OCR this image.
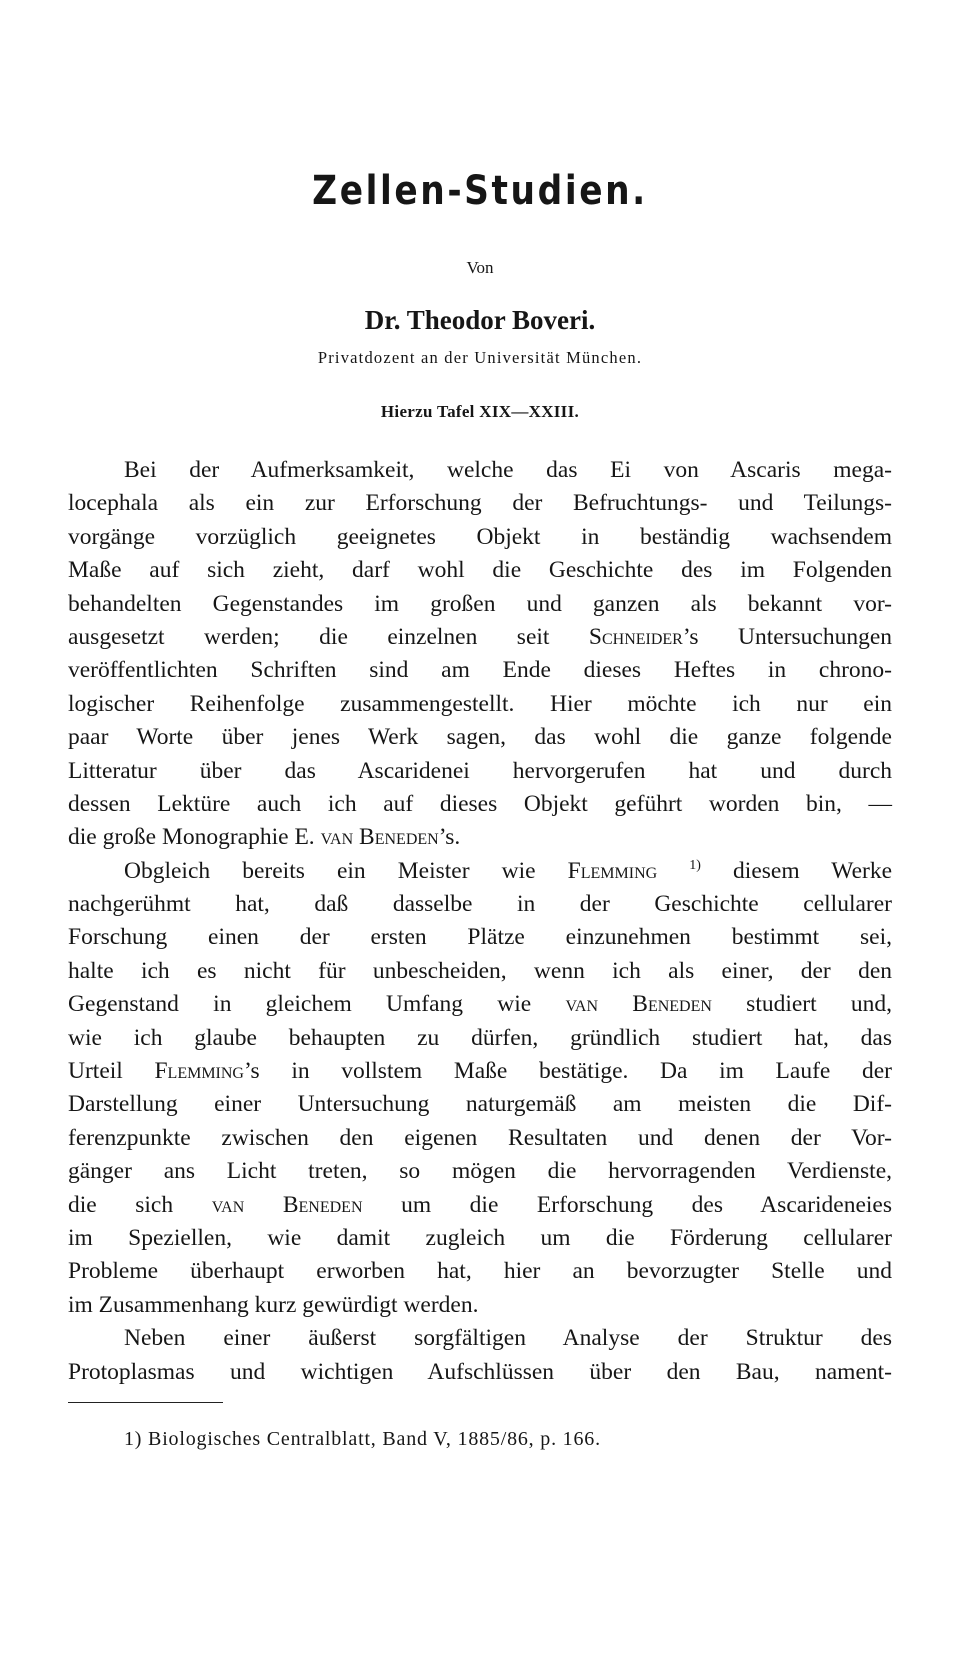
Zellen-Studien.

Von

Dr. Theodor Boveri.

Privatdozent an der Universität München.

Hierzu Tafel XIX—XXIII.

Bei der Aufmerksamkeit, welche das Ei von Ascaris mega-
locephala als ein zur Erforschung der Befruchtungs- und Teilungs-
vorgänge vorzüglich geeignetes Objekt in beständig wachsendem
Maße auf sich zieht, darf wohl die Geschichte des im Folgenden
behandelten Gegenstandes im großen und ganzen als bekannt vor-
ausgesetzt werden; die einzelnen seit Schneider’s Untersuchungen
veröffentlichten Schriften sind am Ende dieses Heftes in chrono-
logischer Reihenfolge zusammengestellt. Hier möchte ich nur ein
paar Worte über jenes Werk sagen, das wohl die ganze folgende
Litteratur über das Ascaridenei hervorgerufen hat und durch
dessen Lektüre auch ich auf dieses Objekt geführt worden bin, —
die große Monographie E. van Beneden’s.
Obgleich bereits ein Meister wie Flemming $^{1)}$ diesem Werke
nachgerühmt hat, daß dasselbe in der Geschichte cellularer
Forschung einen der ersten Plätze einzunehmen bestimmt sei,
halte ich es nicht für unbescheiden, wenn ich als einer, der den
Gegenstand in gleichem Umfang wie van Beneden studiert und,
wie ich glaube behaupten zu dürfen, gründlich studiert hat, das
Urteil Flemming’s in vollstem Maße bestätige. Da im Laufe der
Darstellung einer Untersuchung naturgemäß am meisten die Dif-
ferenzpunkte zwischen den eigenen Resultaten und denen der Vor-
gänger ans Licht treten, so mögen die hervorragenden Verdienste,
die sich van Beneden um die Erforschung des Ascarideneies
im Speziellen, wie damit zugleich um die Förderung cellularer
Probleme überhaupt erworben hat, hier an bevorzugter Stelle und
im Zusammenhang kurz gewürdigt werden.
Neben einer äußerst sorgfältigen Analyse der Struktur des
Protoplasmas und wichtigen Aufschlüssen über den Bau, nament-

1) Biologisches Centralblatt, Band V, 1885/86, p. 166.
